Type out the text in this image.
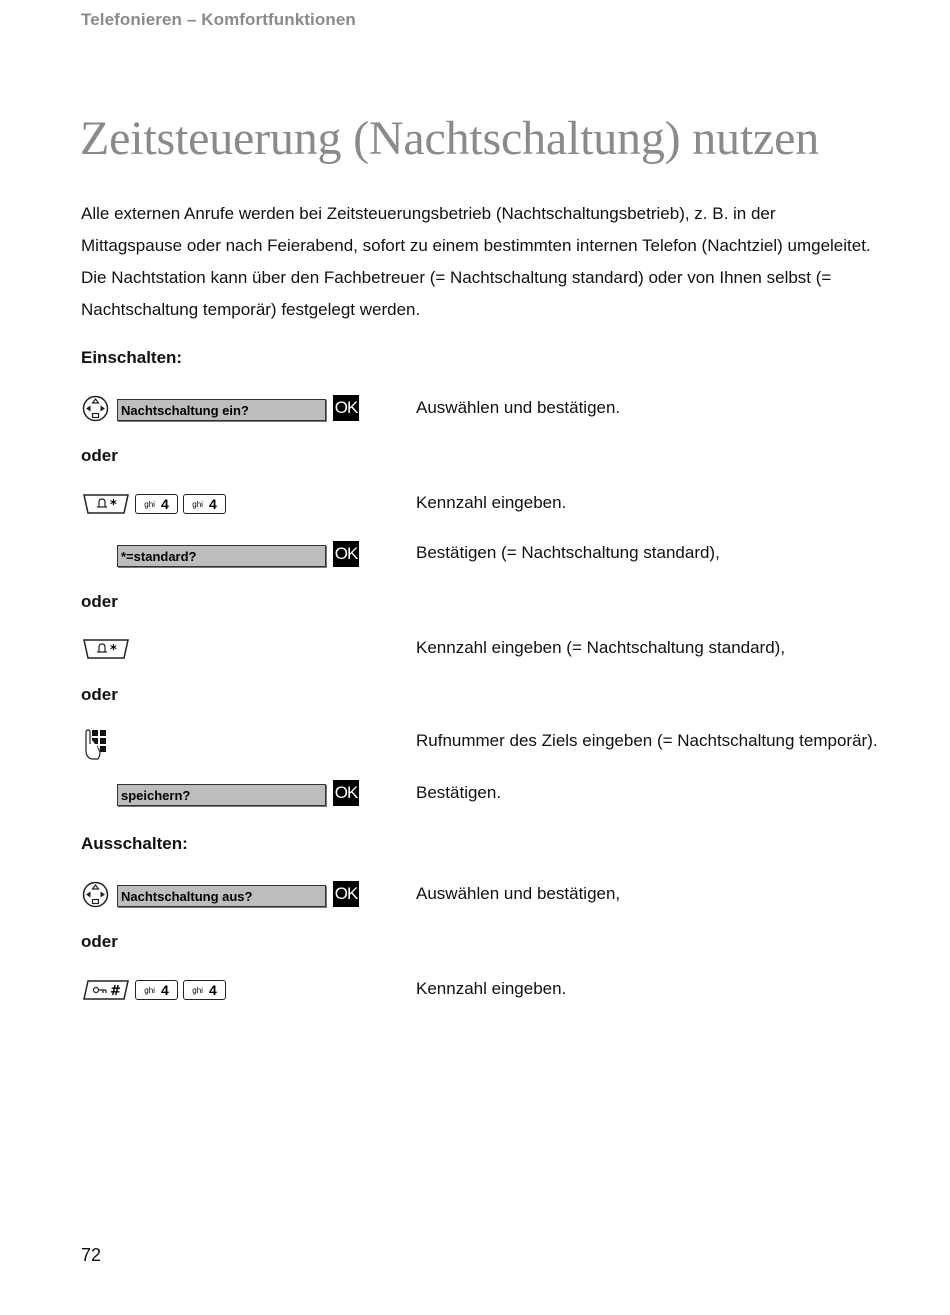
Telefonieren – Komfortfunktionen
Zeitsteuerung (Nachtschaltung) nutzen

Alle externen Anrufe werden bei Zeitsteuerungsbetrieb (Nachtschaltungsbetrieb), z. B. in der Mittagspause oder nach Feierabend, sofort zu einem bestimmten internen Telefon (Nachtziel) umgeleitet. Die Nachtstation kann über den Fachbetreuer (= Nachtschaltung standard) oder von Ihnen selbst (= Nachtschaltung temporär) festgelegt werden.

Einschalten:
Nachtschaltung ein?	OK	Auswählen und bestätigen.
oder
*	ghi 4	ghi 4	Kennzahl eingeben.
*=standard?	OK	Bestätigen (= Nachtschaltung standard),
oder
*	Kennzahl eingeben (= Nachtschaltung standard),
oder
Rufnummer des Ziels eingeben (= Nachtschaltung temporär).
speichern?	OK	Bestätigen.
Ausschalten:
Nachtschaltung aus?	OK	Auswählen und bestätigen,
oder
#	ghi 4	ghi 4	Kennzahl eingeben.
72
